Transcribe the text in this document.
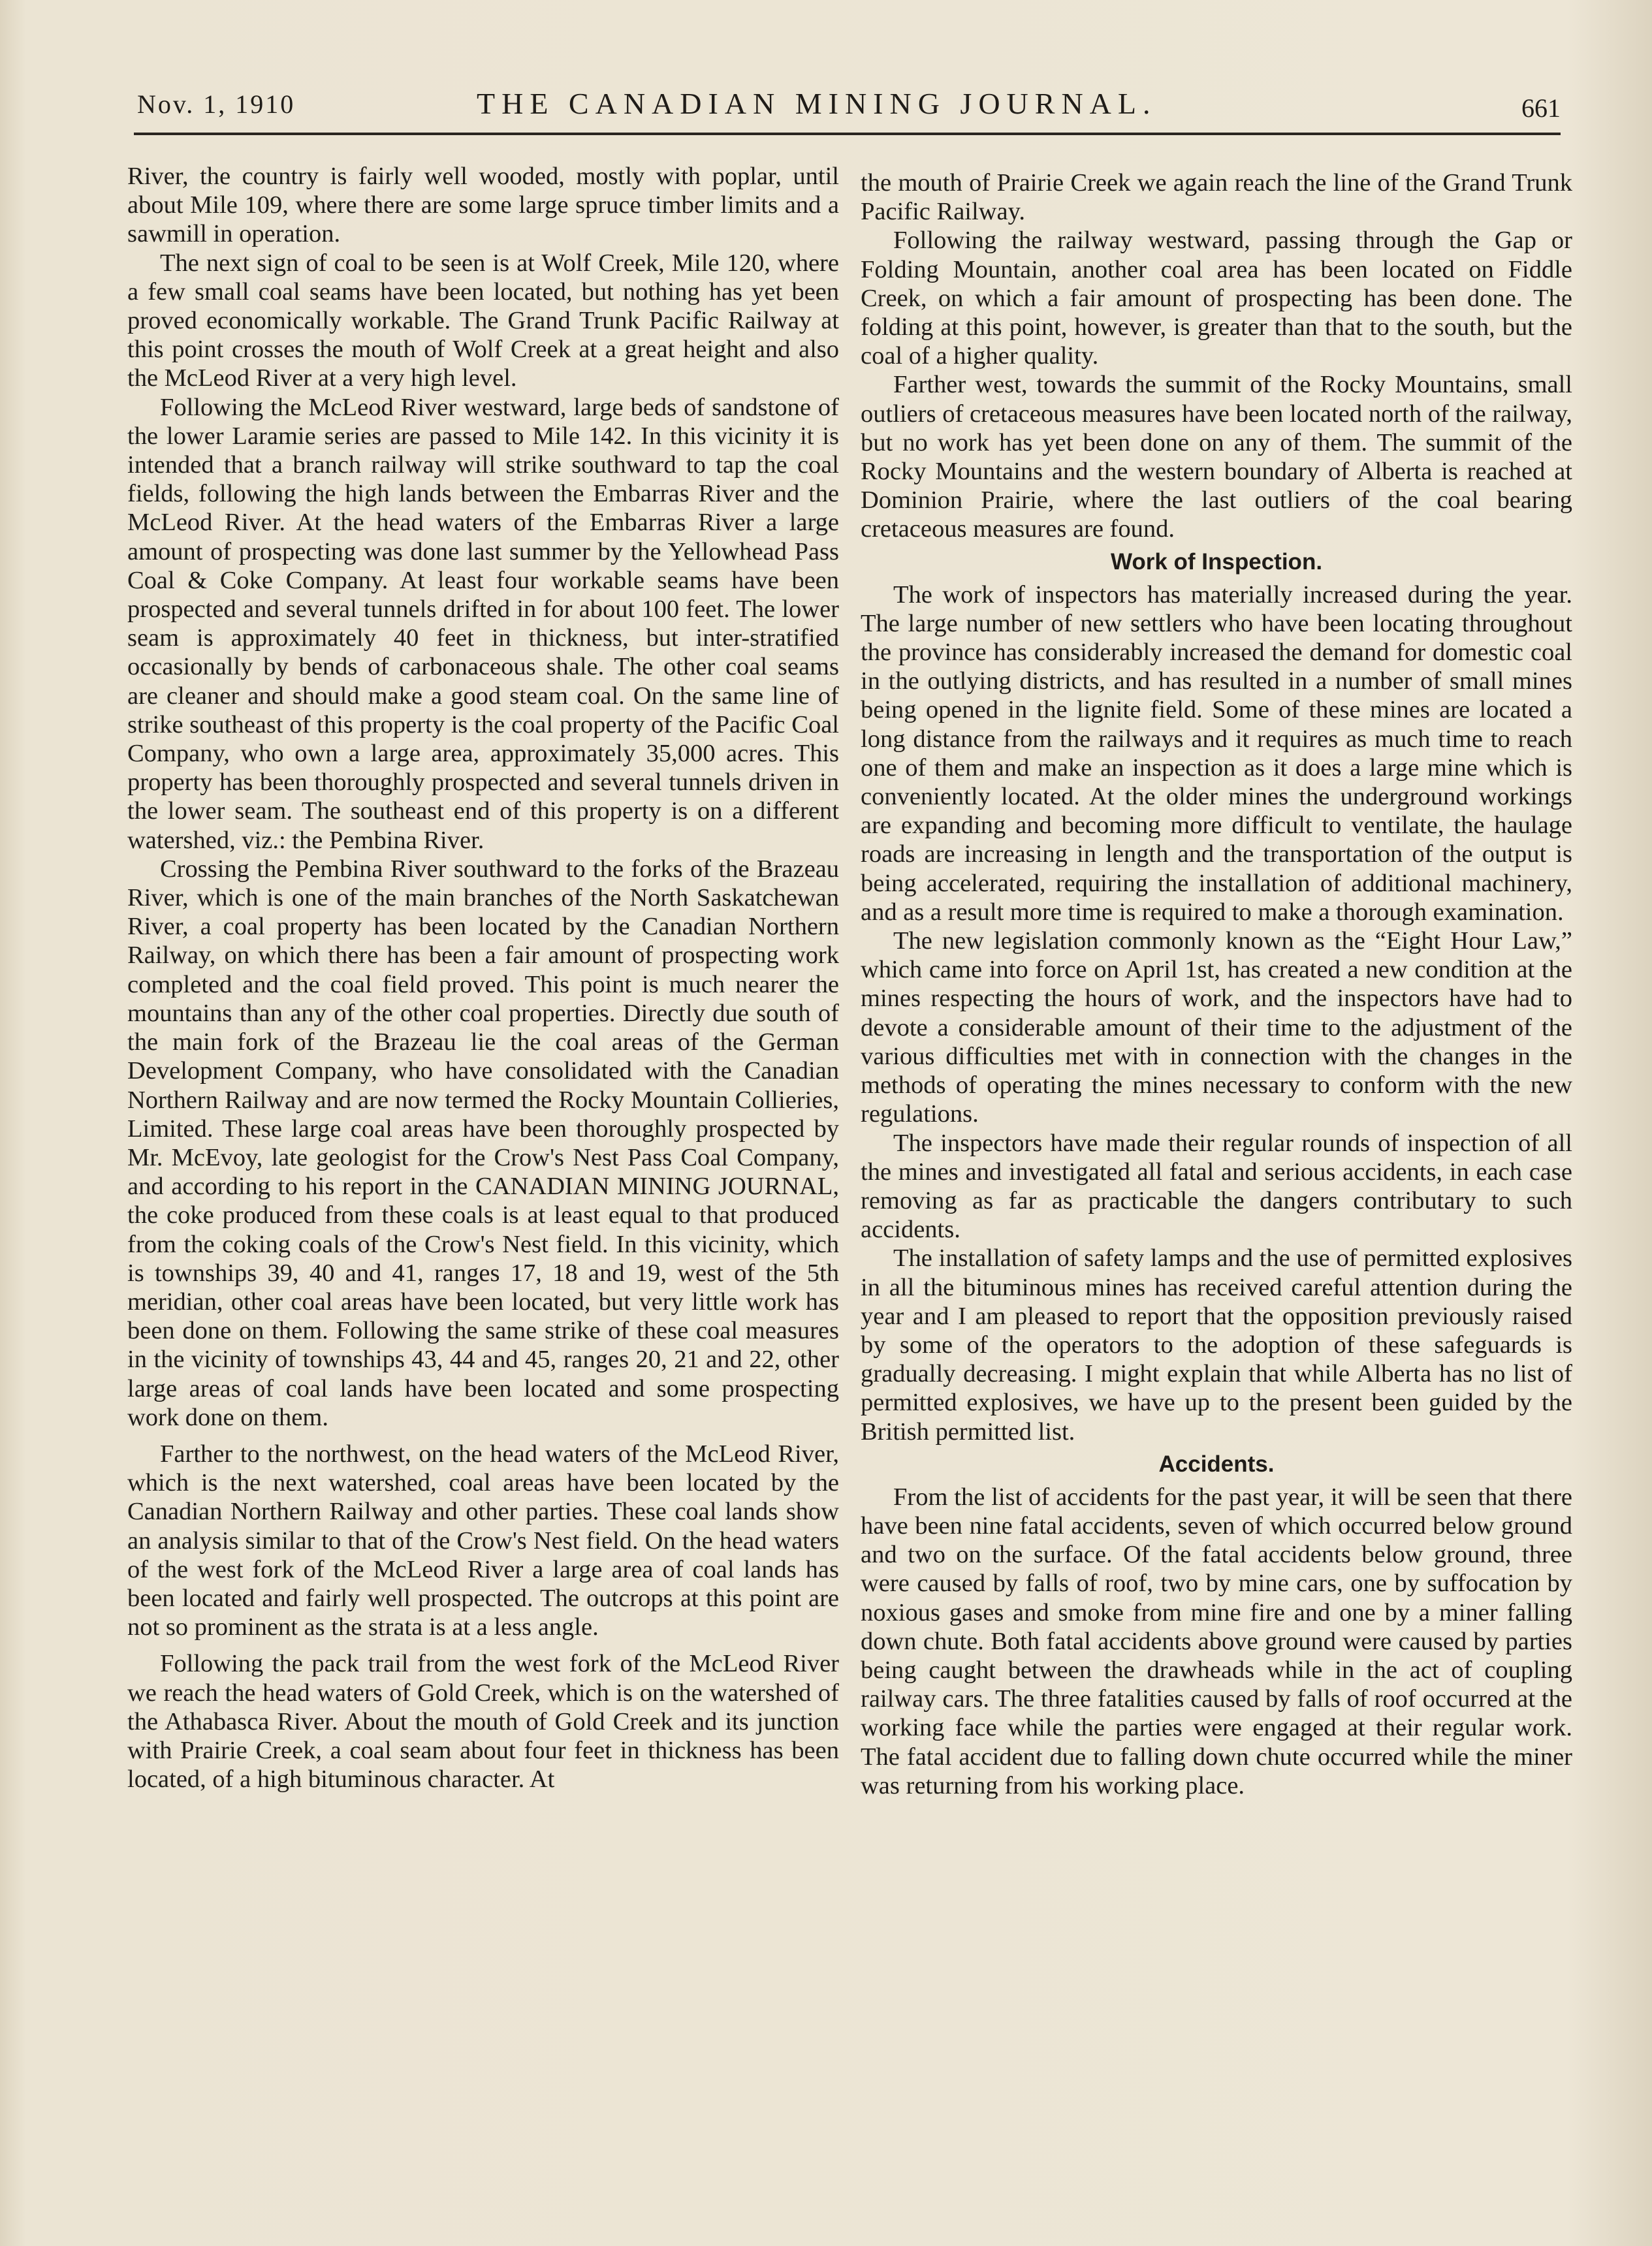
Nov. 1, 1910	THE CANADIAN MINING JOURNAL.	661

River, the country is fairly well wooded, mostly with poplar, until about Mile 109, where there are some large spruce timber limits and a sawmill in operation.

The next sign of coal to be seen is at Wolf Creek, Mile 120, where a few small coal seams have been located, but nothing has yet been proved economically workable. The Grand Trunk Pacific Railway at this point crosses the mouth of Wolf Creek at a great height and also the McLeod River at a very high level.

Following the McLeod River westward, large beds of sandstone of the lower Laramie series are passed to Mile 142. In this vicinity it is intended that a branch railway will strike southward to tap the coal fields, following the high lands between the Embarras River and the McLeod River. At the head waters of the Embarras River a large amount of prospecting was done last summer by the Yellowhead Pass Coal & Coke Company. At least four workable seams have been prospected and several tunnels drifted in for about 100 feet. The lower seam is approximately 40 feet in thickness, but inter-stratified occasionally by bends of carbonaceous shale. The other coal seams are cleaner and should make a good steam coal. On the same line of strike southeast of this property is the coal property of the Pacific Coal Company, who own a large area, approximately 35,000 acres. This property has been thoroughly prospected and several tunnels driven in the lower seam. The southeast end of this property is on a different watershed, viz.: the Pembina River.

Crossing the Pembina River southward to the forks of the Brazeau River, which is one of the main branches of the North Saskatchewan River, a coal property has been located by the Canadian Northern Railway, on which there has been a fair amount of prospecting work completed and the coal field proved. This point is much nearer the mountains than any of the other coal properties. Directly due south of the main fork of the Brazeau lie the coal areas of the German Development Company, who have consolidated with the Canadian Northern Railway and are now termed the Rocky Mountain Collieries, Limited. These large coal areas have been thoroughly prospected by Mr. McEvoy, late geologist for the Crow's Nest Pass Coal Company, and according to his report in the CANADIAN MINING JOURNAL, the coke produced from these coals is at least equal to that produced from the coking coals of the Crow's Nest field. In this vicinity, which is townships 39, 40 and 41, ranges 17, 18 and 19, west of the 5th meridian, other coal areas have been located, but very little work has been done on them. Following the same strike of these coal measures in the vicinity of townships 43, 44 and 45, ranges 20, 21 and 22, other large areas of coal lands have been located and some prospecting work done on them.

Farther to the northwest, on the head waters of the McLeod River, which is the next watershed, coal areas have been located by the Canadian Northern Railway and other parties. These coal lands show an analysis similar to that of the Crow's Nest field. On the head waters of the west fork of the McLeod River a large area of coal lands has been located and fairly well prospected. The outcrops at this point are not so prominent as the strata is at a less angle.

Following the pack trail from the west fork of the McLeod River we reach the head waters of Gold Creek, which is on the watershed of the Athabasca River. About the mouth of Gold Creek and its junction with Prairie Creek, a coal seam about four feet in thickness has been located, of a high bituminous character. At

the mouth of Prairie Creek we again reach the line of the Grand Trunk Pacific Railway.

Following the railway westward, passing through the Gap or Folding Mountain, another coal area has been located on Fiddle Creek, on which a fair amount of prospecting has been done. The folding at this point, however, is greater than that to the south, but the coal of a higher quality.

Farther west, towards the summit of the Rocky Mountains, small outliers of cretaceous measures have been located north of the railway, but no work has yet been done on any of them. The summit of the Rocky Mountains and the western boundary of Alberta is reached at Dominion Prairie, where the last outliers of the coal bearing cretaceous measures are found.

Work of Inspection.

The work of inspectors has materially increased during the year. The large number of new settlers who have been locating throughout the province has considerably increased the demand for domestic coal in the outlying districts, and has resulted in a number of small mines being opened in the lignite field. Some of these mines are located a long distance from the railways and it requires as much time to reach one of them and make an inspection as it does a large mine which is conveniently located. At the older mines the underground workings are expanding and becoming more difficult to ventilate, the haulage roads are increasing in length and the transportation of the output is being accelerated, requiring the installation of additional machinery, and as a result more time is required to make a thorough examination.

The new legislation commonly known as the “Eight Hour Law,” which came into force on April 1st, has created a new condition at the mines respecting the hours of work, and the inspectors have had to devote a considerable amount of their time to the adjustment of the various difficulties met with in connection with the changes in the methods of operating the mines necessary to conform with the new regulations.

The inspectors have made their regular rounds of inspection of all the mines and investigated all fatal and serious accidents, in each case removing as far as practicable the dangers contributary to such accidents.

The installation of safety lamps and the use of permitted explosives in all the bituminous mines has received careful attention during the year and I am pleased to report that the opposition previously raised by some of the operators to the adoption of these safeguards is gradually decreasing. I might explain that while Alberta has no list of permitted explosives, we have up to the present been guided by the British permitted list.

Accidents.

From the list of accidents for the past year, it will be seen that there have been nine fatal accidents, seven of which occurred below ground and two on the surface. Of the fatal accidents below ground, three were caused by falls of roof, two by mine cars, one by suffocation by noxious gases and smoke from mine fire and one by a miner falling down chute. Both fatal accidents above ground were caused by parties being caught between the drawheads while in the act of coupling railway cars. The three fatalities caused by falls of roof occurred at the working face while the parties were engaged at their regular work. The fatal accident due to falling down chute occurred while the miner was returning from his working place.
